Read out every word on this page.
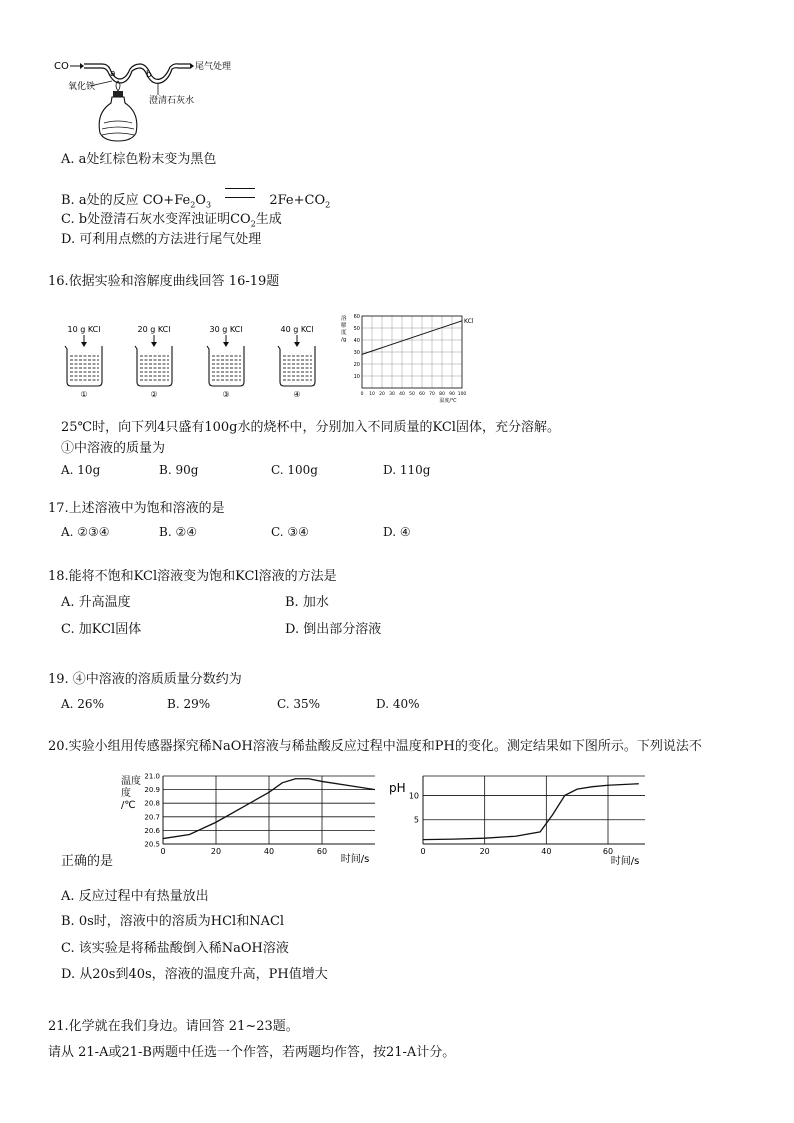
CO
a	b
尾气处理
氧化铁
澄清石灰水
A. a处红棕色粉末变为黑色
B. a处的反应 $CO+Fe_2O_3$	$2Fe+CO_2$
C. b处澄清石灰水变浑浊证明$CO_2$生成
D. 可利用点燃的方法进行尾气处理
16.依据实验和溶解度曲线回答 16-19题
10 g KCl
①
20 g KCl
②
30 g KCl
③
40 g KCl
④
60
50
40
30
20
10
0 10 20 30 40 50 60 70 80 90 100
溶
解
度
/g
温度/℃
KCl
25℃时，向下列4只盛有100g水的烧杯中，分别加入不同质量的KCl固体，充分溶解。
①中溶液的质量为
A. 10g	B. 90g	C. 100g	D. 110g
17.上述溶液中为饱和溶液的是
A. ②③④	B. ②④	C. ③④	D. ④
18.能将不饱和KCl溶液变为饱和KCl溶液的方法是
A. 升高温度	B. 加水
C. 加KCl固体	D. 倒出部分溶液
19. ④中溶液的溶质质量分数约为
A. 26%	B. 29%	C. 35%	D. 40%
20.实验小组用传感器探究稀NaOH溶液与稀盐酸反应过程中温度和PH的变化。测定结果如下图所示。下列说法不
0	20	40	60
21.0
20.9
20.8
20.7
20.6
20.5
温度
度
/℃
时间/s
0	20	40	60
10
5
pH
时间/s
正确的是
A. 反应过程中有热量放出
B. 0s时，溶液中的溶质为HCl和NACl
C. 该实验是将稀盐酸倒入稀NaOH溶液
D. 从20s到40s，溶液的温度升高，PH值增大
21.化学就在我们身边。请回答 21~23题。
请从 21-A或21-B两题中任选一个作答，若两题均作答，按21-A计分。
